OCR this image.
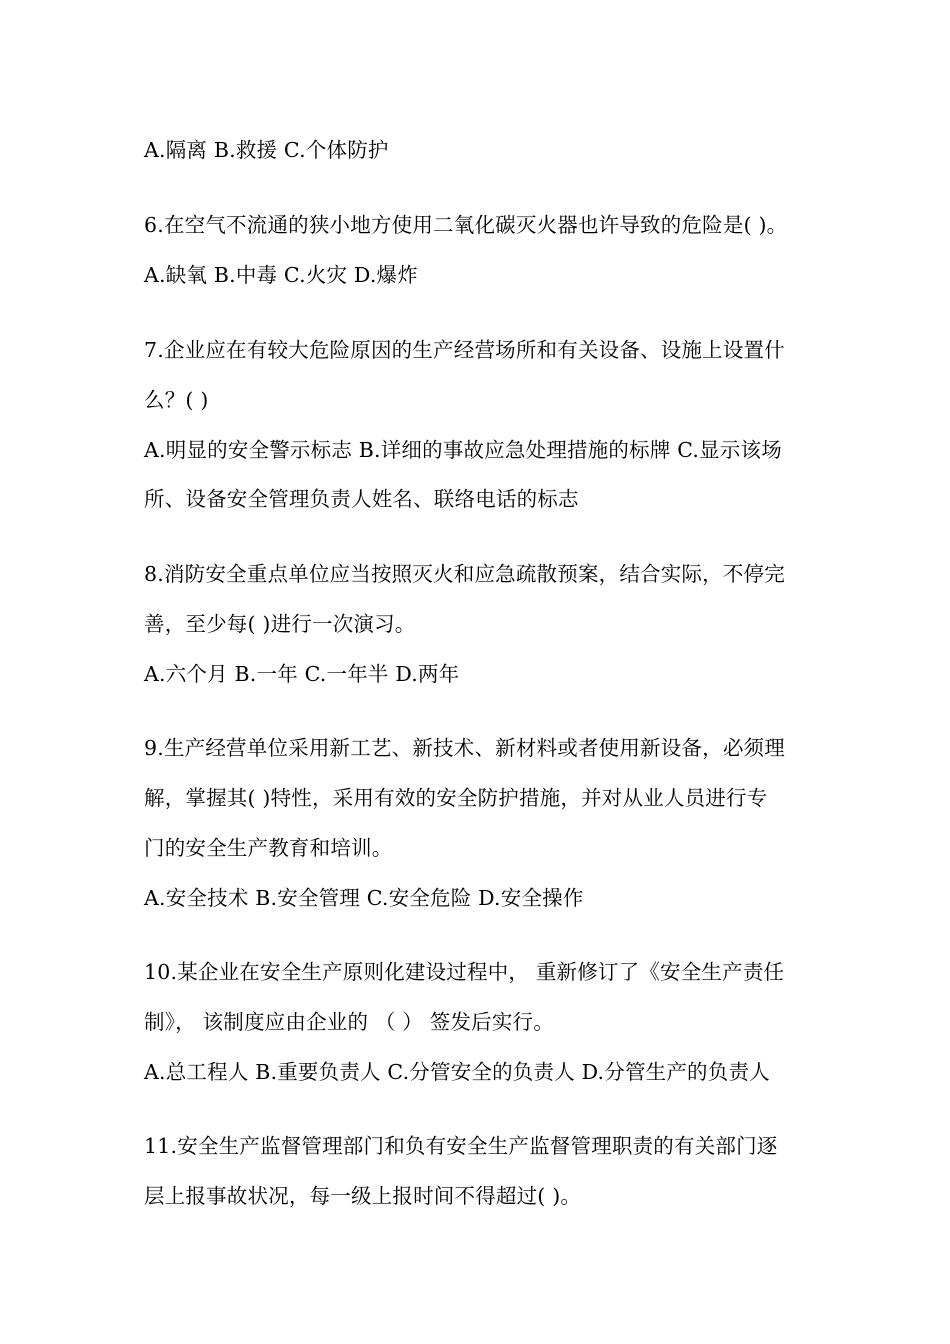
A.隔离 B.救援 C.个体防护
6.在空气不流通的狭小地方使用二氧化碳灭火器也许导致的危险是( )。
A.缺氧 B.中毒 C.火灾 D.爆炸
7.企业应在有较大危险原因的生产经营场所和有关设备、设施上设置什
么？( )
A.明显的安全警示标志 B.详细的事故应急处理措施的标牌 C.显示该场
所、设备安全管理负责人姓名、联络电话的标志
8.消防安全重点单位应当按照灭火和应急疏散预案，结合实际，不停完
善，至少每( )进行一次演习。
A.六个月 B.一年 C.一年半 D.两年
9.生产经营单位采用新工艺、新技术、新材料或者使用新设备，必须理
解，掌握其( )特性，采用有效的安全防护措施，并对从业人员进行专
门的安全生产教育和培训。
A.安全技术 B.安全管理 C.安全危险 D.安全操作
10.某企业在安全生产原则化建设过程中， 重新修订了《安全生产责任
制》， 该制度应由企业的 （ ） 签发后实行。
A.总工程人 B.重要负责人 C.分管安全的负责人 D.分管生产的负责人
11.安全生产监督管理部门和负有安全生产监督管理职责的有关部门逐
层上报事故状况，每一级上报时间不得超过( )。
